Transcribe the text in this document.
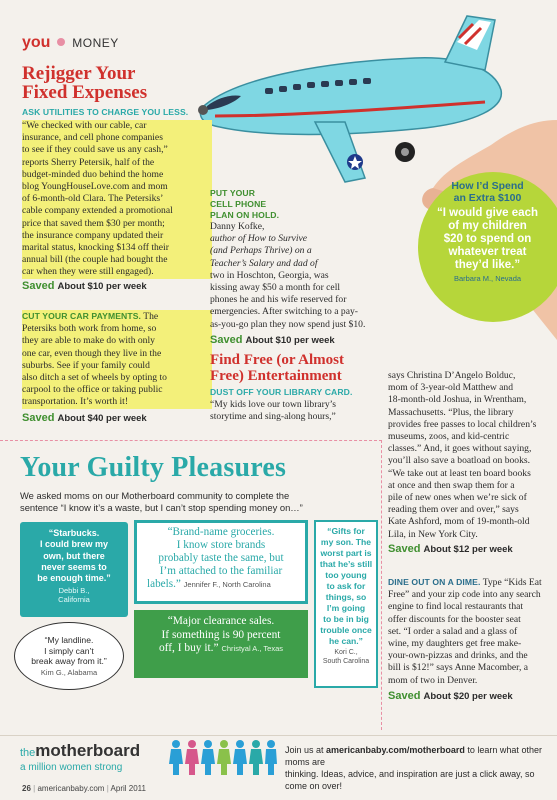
you MONEY
Rejigger Your
Fixed Expenses
ASK UTILITIES TO CHARGE YOU LESS.
“We checked with our cable, car
insurance, and cell phone companies
to see if they could save us any cash,”
reports Sherry Petersik, half of the
budget-minded duo behind the home
blog YoungHouseLove.com and mom
of 6-month-old Clara. The Petersiks’
cable company extended a promotional
price that saved them $30 per month;
the insurance company updated their
marital status, knocking $134 off their
annual bill (the couple had bought the
car when they were still engaged).
Saved About $10 per week
CUT YOUR CAR PAYMENTS. The
Petersiks both work from home, so
they are able to make do with only
one car, even though they live in the
suburbs. See if your family could
also ditch a set of wheels by opting to
carpool to the office or taking public
transportation. It’s worth it!
Saved About $40 per week
PUT YOUR
CELL PHONE
PLAN ON HOLD.
Danny Kofke,
author of How to Survive
(and Perhaps Thrive) on a
Teacher’s Salary and dad of
two in Hoschton, Georgia, was
kissing away $50 a month for cell
phones he and his wife reserved for
emergencies. After switching to a pay-
as-you-go plan they now spend just $10.
Saved About $10 per week
Find Free (or Almost
Free) Entertainment
DUST OFF YOUR LIBRARY CARD.
“My kids love our town library’s
storytime and sing-along hours,”
How I’d Spend
an Extra $100
“I would give each
of my children
$20 to spend on
whatever treat
they’d like.”
Barbara M., Nevada
says Christina D’Angelo Bolduc,
mom of 3-year-old Matthew and
18-month-old Joshua, in Wrentham,
Massachusetts. “Plus, the library
provides free passes to local children’s
museums, zoos, and kid-centric
classes.” And, it goes without saying,
you’ll also save a boatload on books.
“We take out at least ten board books
at once and then swap them for a
pile of new ones when we’re sick of
reading them over and over,” says
Kate Ashford, mom of 19-month-old
Lila, in New York City.
Saved About $12 per week
DINE OUT ON A DIME. Type “Kids Eat
Free” and your zip code into any search
engine to find local restaurants that
offer discounts for the booster seat
set. “I order a salad and a glass of
wine, my daughters get free make-
your-own-pizzas and drinks, and the
bill is $12!” says Anne Macomber, a
mom of two in Denver.
Saved About $20 per week
Your Guilty Pleasures
We asked moms on our Motherboard community to complete the
sentence “I know it’s a waste, but I can’t stop spending money on…”
“Starbucks.
I could brew my
own, but there
never seems to
be enough time.”
Debbi B.,
California
“My landline.
I simply can’t
break away from it.”
Kim G., Alabama
“Brand-name groceries.
I know store brands
probably taste the same, but
I’m attached to the familiar
labels.” Jennifer F., North Carolina
“Major clearance sales.
If something is 90 percent
off, I buy it.” Christyal A., Texas
“Gifts for
my son. The
worst part is
that he’s still
too young
to ask for
things, so
I’m going
to be in big
trouble once
he can.”
Kori C.,
South Carolina
themotherboard
a million women strong
Join us at americanbaby.com/motherboard to learn what other moms are
thinking. Ideas, advice, and inspiration are just a click away, so come on over!
26 | americanbaby.com | April 2011
